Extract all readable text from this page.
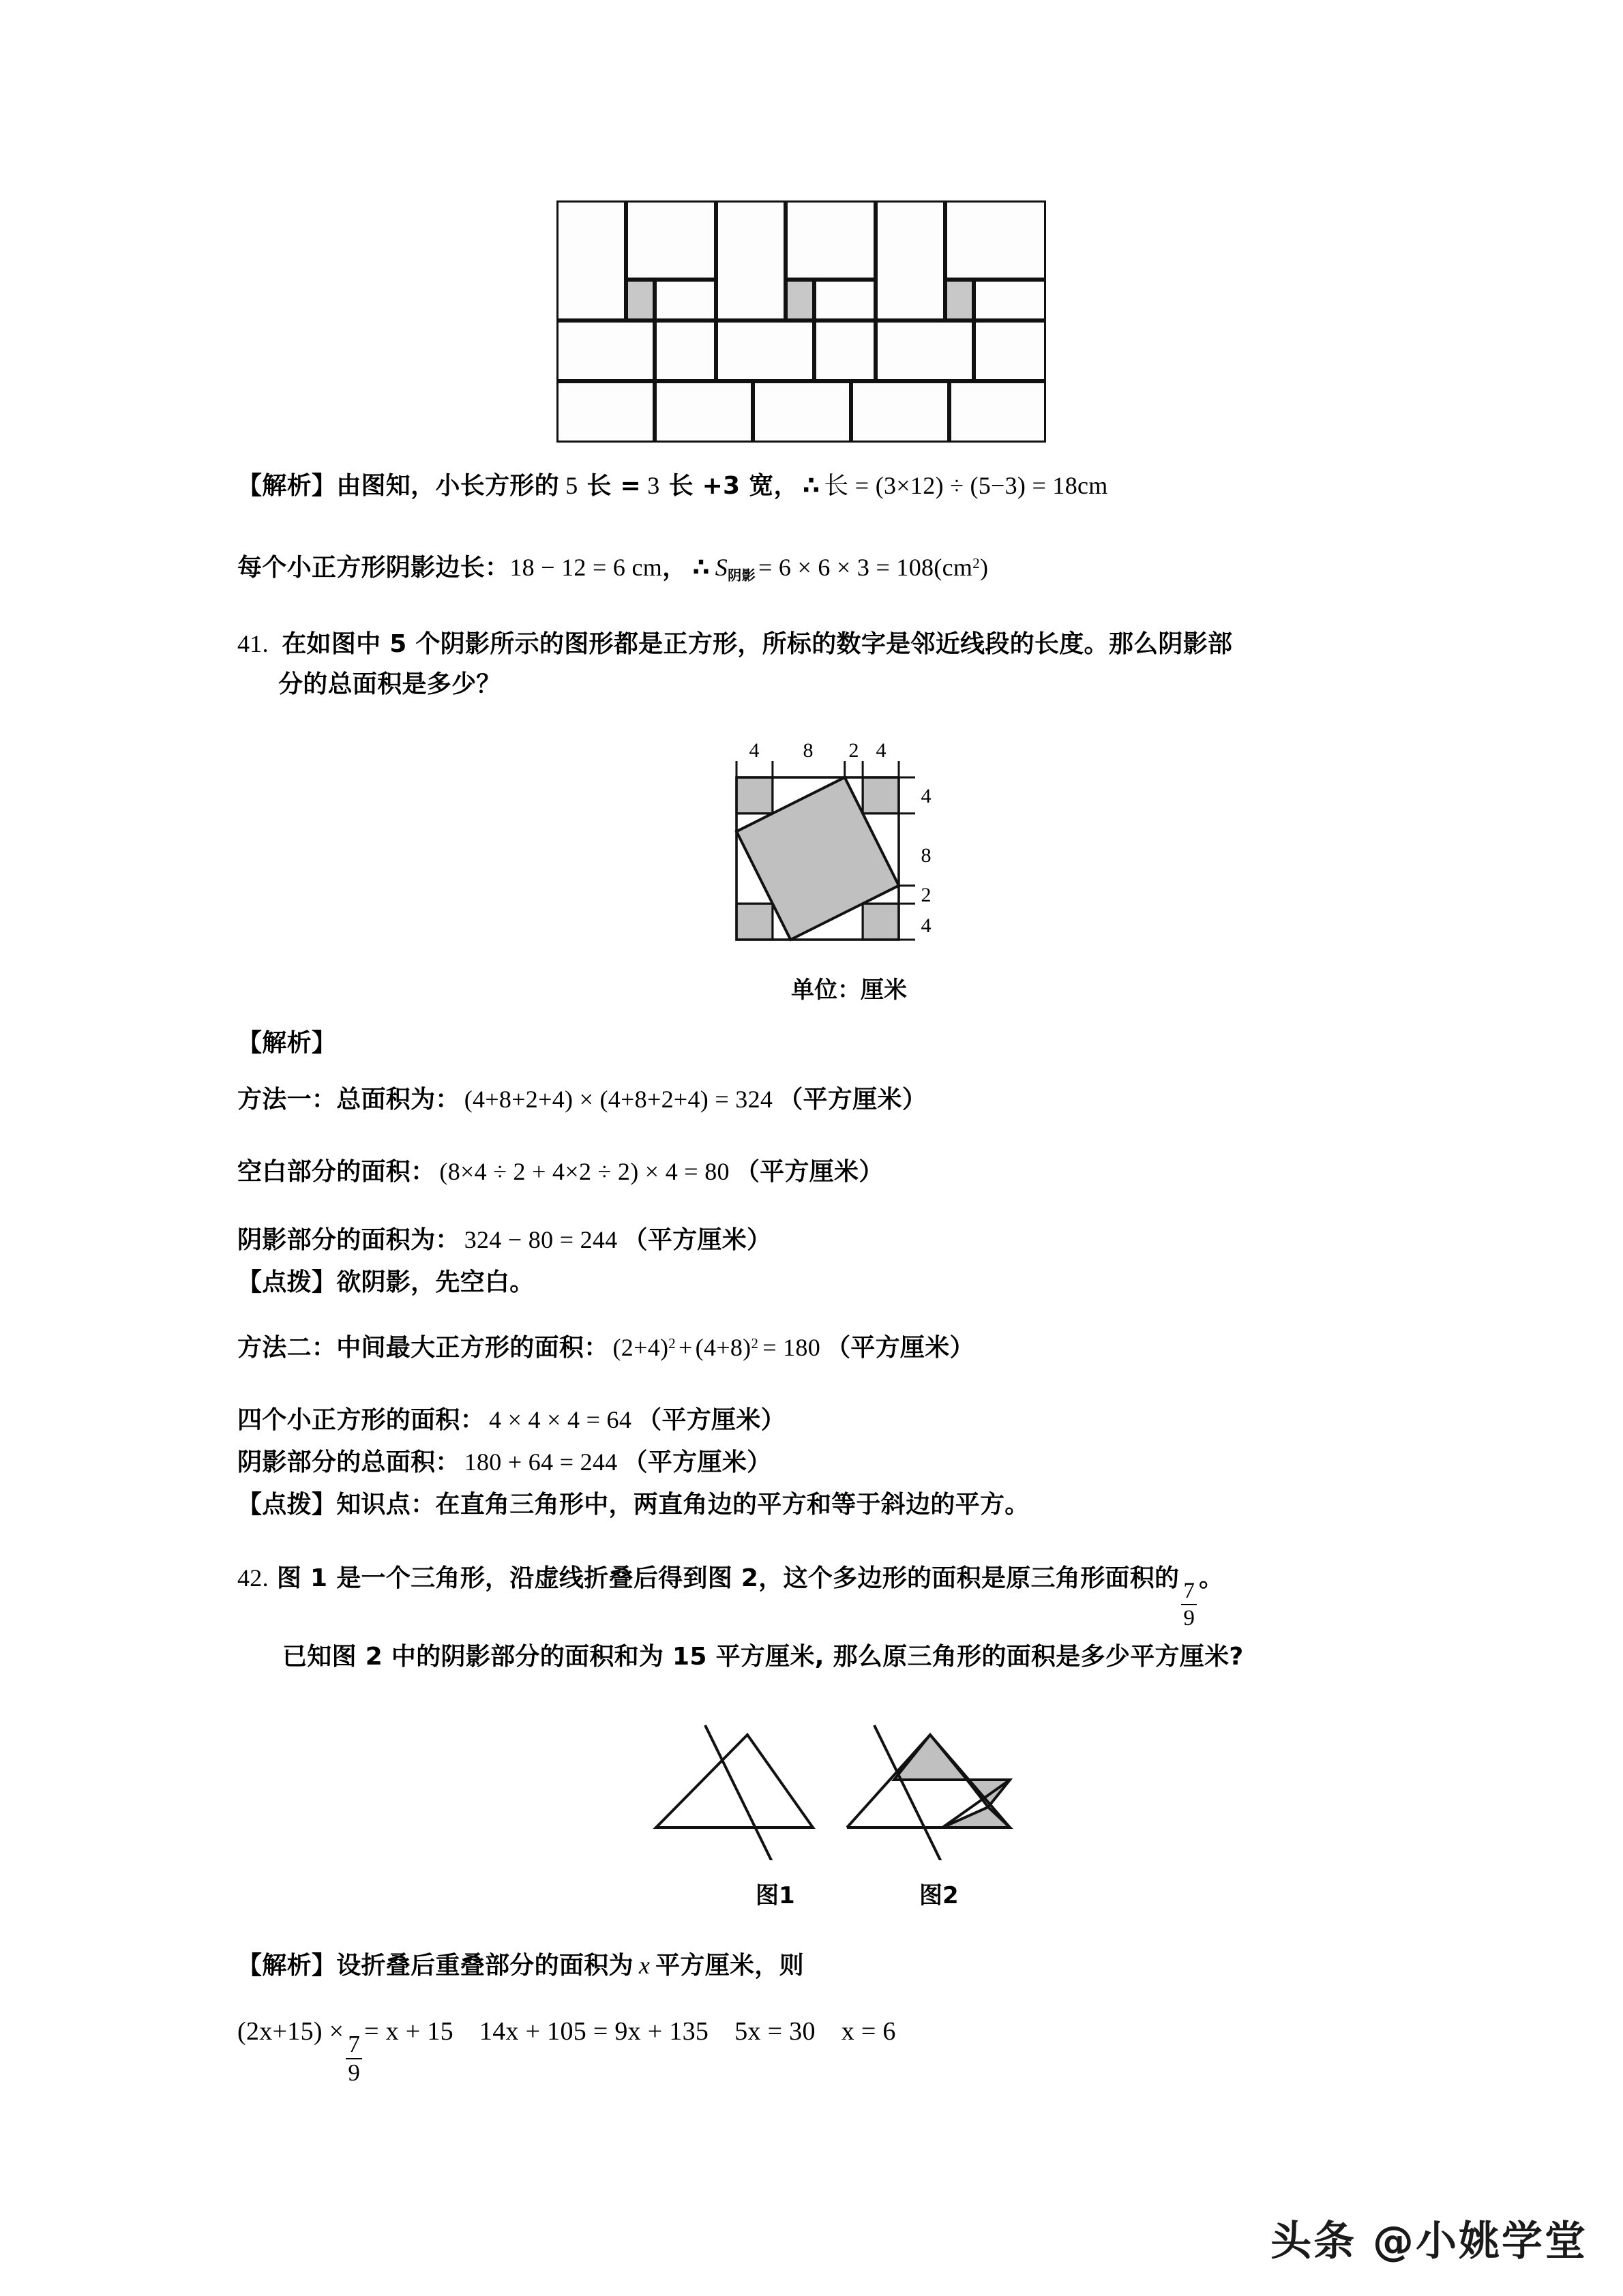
【解析】由图知，小长方形的 5 长 = 3 长 +3 宽， ∴ 长 = (3×12) ÷ (5−3) = 18cm
每个小正方形阴影边长：18 − 12 = 6 cm， ∴ $S_{阴影} = 6 \times 6 \times 3 = 108(cm^2)$
41. 在如图中 5 个阴影所示的图形都是正方形，所标的数字是邻近线段的长度。那么阴影部
分的总面积是多少？
4 8 2 4
4
8
2
4
单位：厘米
【解析】
方法一：总面积为： (4+8+2+4) × (4+8+2+4) = 324 （平方厘米）
空白部分的面积： (8×4 ÷ 2 + 4×2 ÷ 2) × 4 = 80 （平方厘米）
阴影部分的面积为： 324 − 80 = 244 （平方厘米）
【点拨】欲阴影，先空白。
方法二：中间最大正方形的面积： $(2+4)^2 + (4+8)^2 = 180$ （平方厘米）
四个小正方形的面积： 4 × 4 × 4 = 64 （平方厘米）
阴影部分的总面积： 180 + 64 = 244 （平方厘米）
【点拨】知识点：在直角三角形中，两直角边的平方和等于斜边的平方。
42. 图 1 是一个三角形，沿虚线折叠后得到图 2，这个多边形的面积是原三角形面积的
$\frac{7}{9}$
。
已知图 2 中的阴影部分的面积和为 15 平方厘米, 那么原三角形的面积是多少平方厘米?
图1	图2
【解析】设折叠后重叠部分的面积为 x 平方厘米，则
(2x+15) ×
$\frac{7}{9}$
= x + 15 14x + 105 = 9x + 135 5x = 30 x = 6
头条 @小姚学堂
